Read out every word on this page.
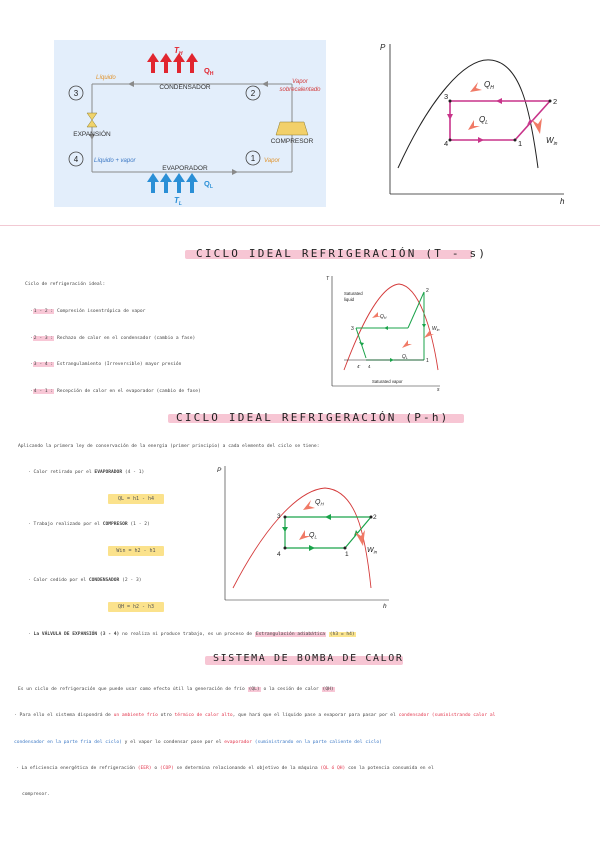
3	2
4	1
CONDENSADOR
EVAPORADOR
EXPANSIÓN
COMPRESOR
Líquido
Vapor
sobrecalentado
Líquido + vapor	Vapor
$T_H$
$Q_H$
$T_L$
$Q_L$
P
h
3
2
4	1
$Q_H$
$Q_L$
$W_{in}$
CICLO IDEAL REFRIGERACIÓN (T - s)
Ciclo de refrigeración ideal:
·1 - 2 : Compresión isoentrópica de vapor
·2 - 3 : Rechazo de calor en el condensador (cambio a fase)
·3 - 4 : Estrangulamiento (Irreversible) mayor presión
·4 - 1 : Recepción de calor en el evaporador (cambio de fase)
T
s
Saturated
liquid
Saturated vapor
3
2
4' 4
1
$Q_H$
$Q_L$
$W_{in}$
CICLO IDEAL REFRIGERACIÓN (P-h)
Aplicando la primera ley de conservación de la energía (primer principio) a cada elemento del ciclo se tiene:
· Calor retirado por el EVAPORADOR (4 - 1)
QL = h1 - h4
· Trabajo realizado por el COMPRESOR (1 - 2)
Win = h2 - h1
· Calor cedido por el CONDENSADOR (2 - 3)
QH = h2 - h3
· La VÁLVULA DE EXPANSIÓN (3 - 4) no realiza ni produce trabajo, es un proceso de Estrangulación adiabática (h3 = h4)
P
h
3	2
4	1
$Q_H$
$Q_L$
$W_{in}$
SISTEMA DE BOMBA DE CALOR
Es un ciclo de refrigeración que puede usar como efecto útil la generación de frío (QL) o la cesión de calor (QH)
· Para ello el sistema dispondrá de un ambiente frío otro térmico de calor alto, que hará que el líquido pase a evaporar para pasar por el condensador (suministrando calor al
condensador en la parte fría del ciclo) y el vapor lo condensar pase por el evaporador (suministrando en la parte caliente del ciclo)
· La eficiencia energética de refrigeración (EER) o (COP) se determina relacionando el objetivo de la máquina (QL ó QH) con la potencia consumida en el
compresor.
